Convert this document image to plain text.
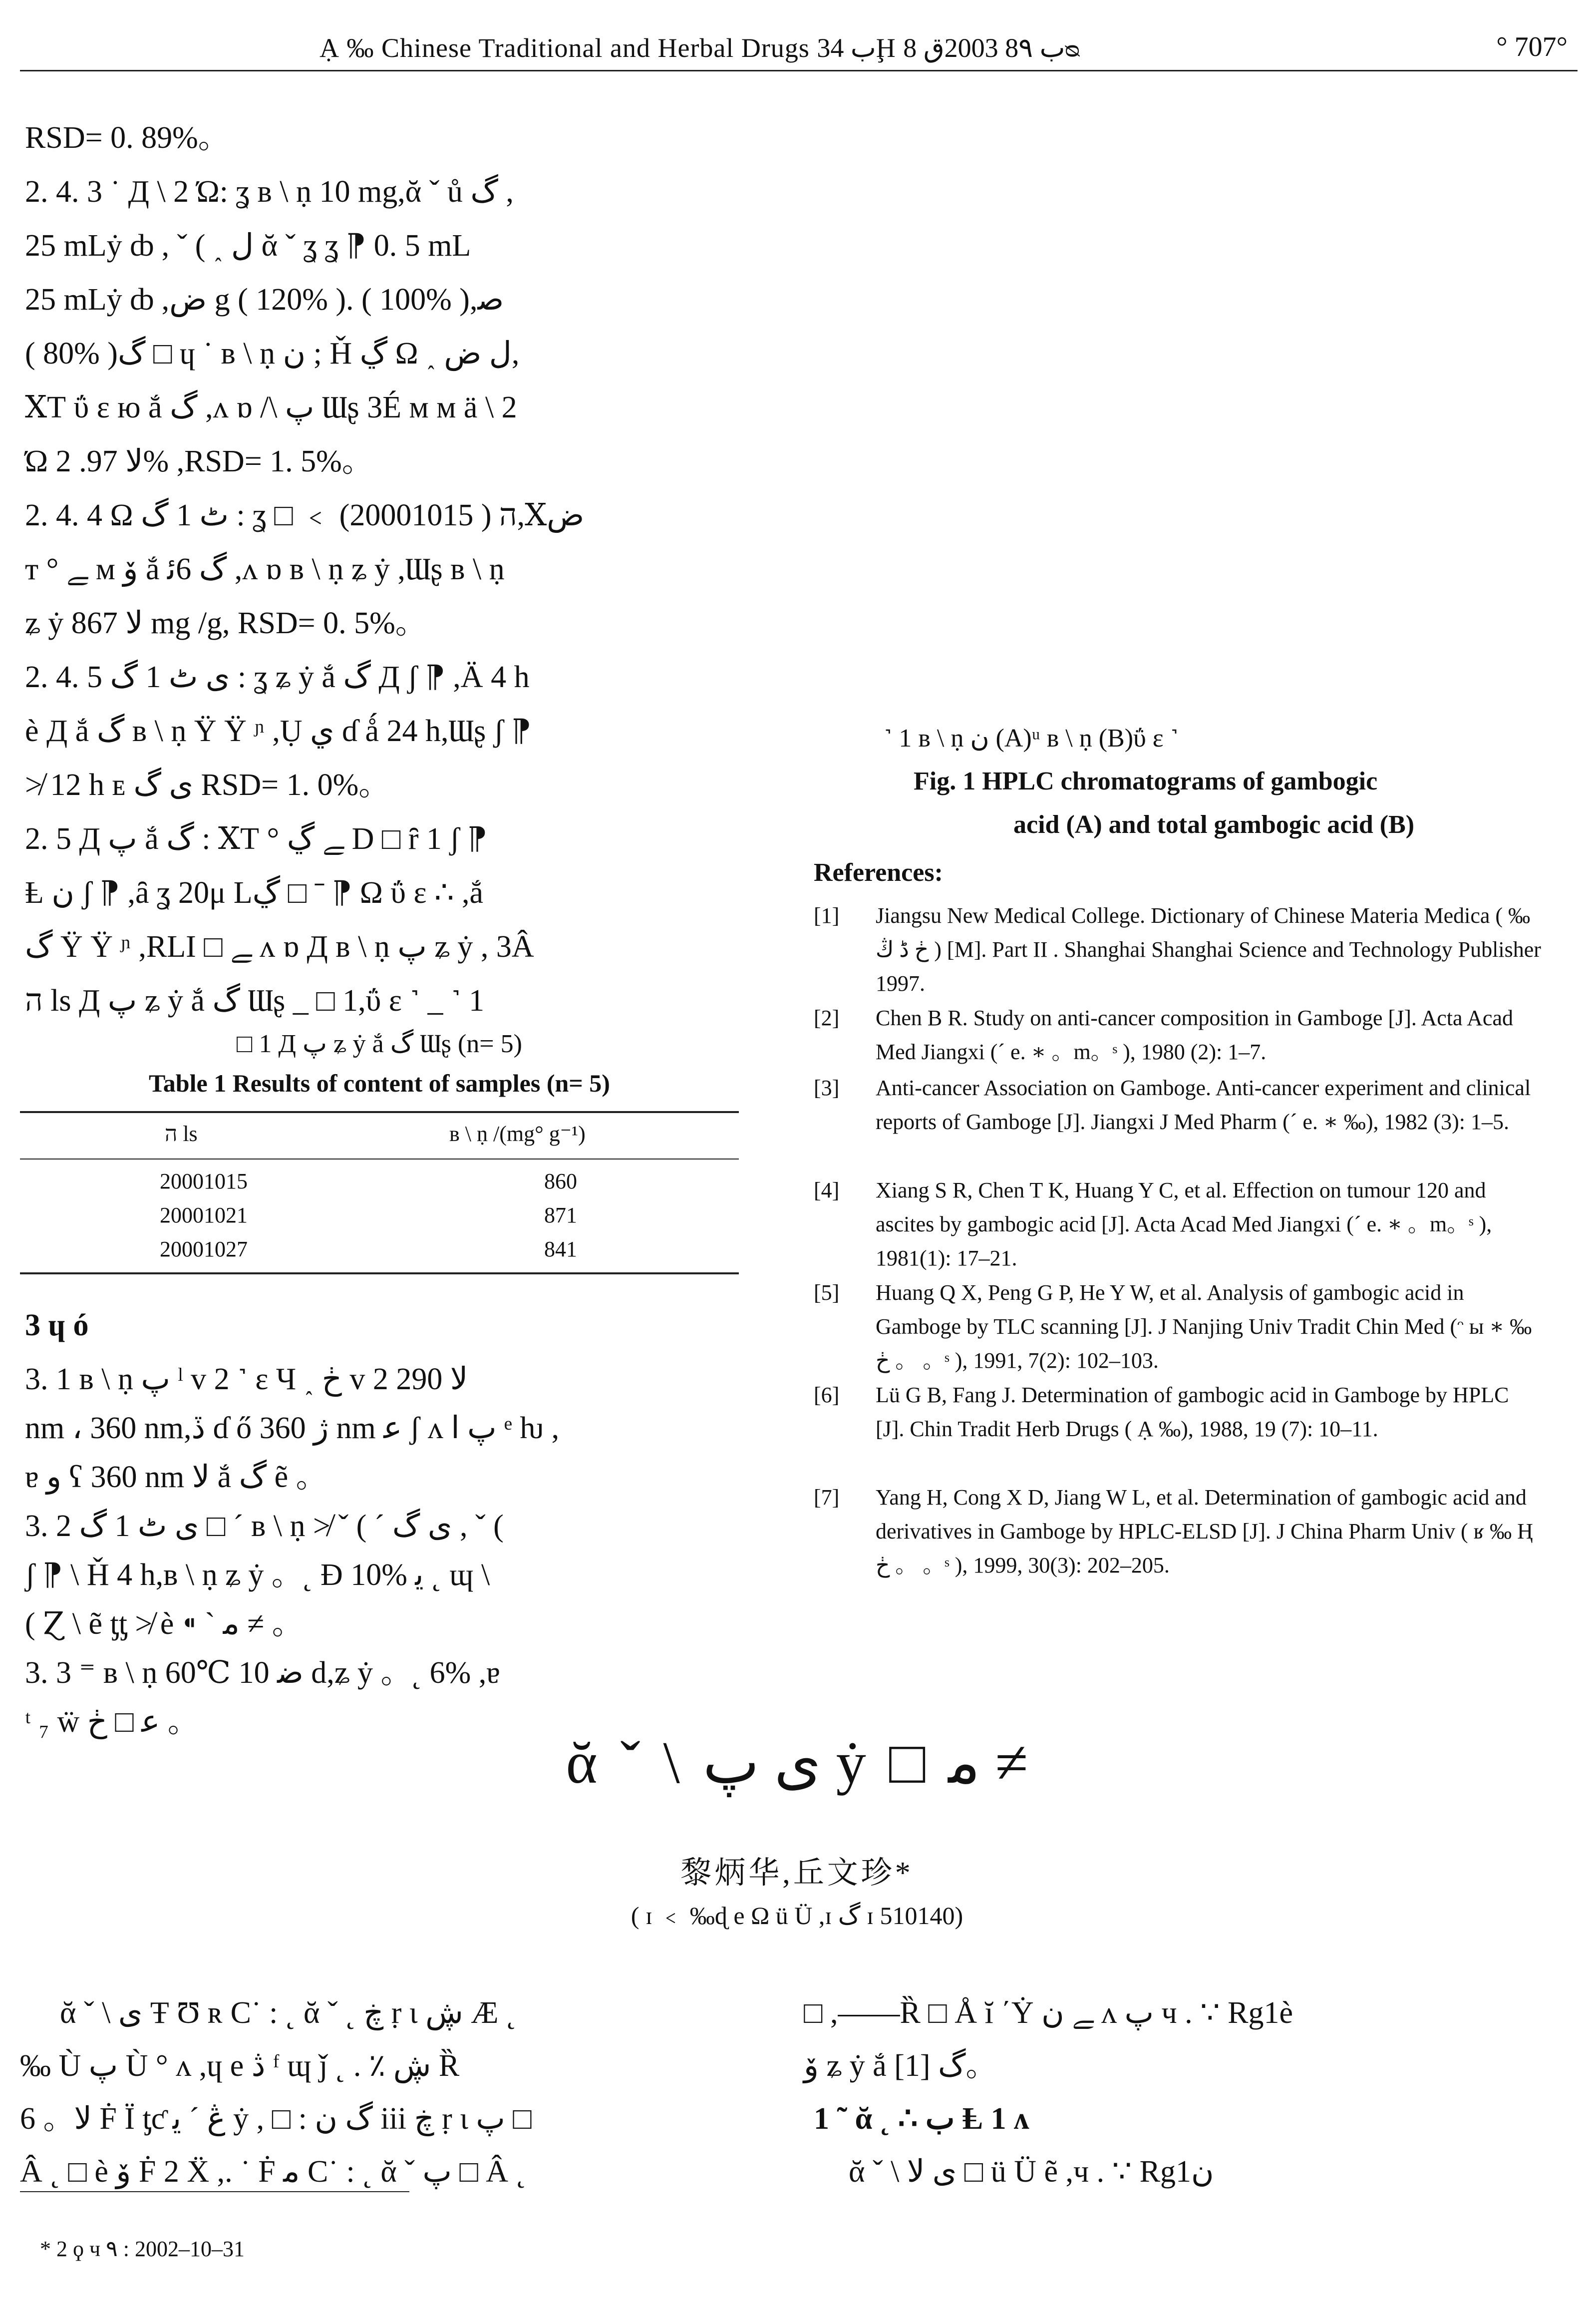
Ạ ‰ Chinese Traditional and Herbal Drugs ب 34Ḩ ب 8۹ 2003ق 8ᴓ	° 707°
RSD= 0. 89%。
2. 4. 3 ˙ Д \ 2 Ώ: ʓ в \ ṇ 10 mg,ᾰ ˇ ů گ ,
25 mLẏ ȸ , ˇ ( ˰ ل ᾰ ˇ ʓ ʓ ⁋ 0. 5 mL
25 mLẏ ȸ ,ض g ( 120% ). ( 100% ),ﺻ
( 80% )گ □ ɥ ˙ в \ ṇ ن ; Ȟ ڲ Ω ˰ ل ض,
ⅩТ ΰ ɛ ю ắ گ ,ᴧ ɒ /\ پ Ɯʂ 3É ᴍ ᴍ ä \ 2
Ώ ﻻ 97. 2% ,RSD= 1. 5%。
2. 4. 4 Ω ٹ 1 گ : ʓ □ ﹤ ﬣ ( 20001015),Ⅹض
т ° ﮯ ᴍ ۆ ắ گ 6ﺋ ,ᴧ ɒ в \ ṇ ʑ ẏ ,Ɯʂ в \ ṇ
ʑ ẏ ﻻ 867 mg /g, RSD= 0. 5%。
2. 4. 5 ی ٹ 1 گ : ʓ ʑ ẏ ắ گ Д ʃ ⁋ ,Ä 4 h
è Д ắ گ в \ ṇ Ÿ Ÿ ᶮ ,Ụ ي ɗ ǻ 24 h,Ɯʂ ʃ ⁋
≯ 12 h ᴇ ی گ RSD= 1. 0%。
2. 5 Д پ ắ گ : ⅩТ ° ﮯ ڲ D □ ȓ 1 ʃ ⁋
Ⱡ ن ʃ ⁋ ,ȃ ʓ 20μ Lڲ □ ˉ ⁋ Ω ΰ ɛ ∴ ,ắ
گ Ÿ Ÿ ᶮ ,RLI □ ﮯ ᴧ ɒ Д в \ ṇ پ ʑ ẏ , 3Â
ﬣ ls Д پ ʑ ẏ ắ گ Ɯʂ _ □ 1,ΰ ɛ ˺ _ ˺ 1
□ 1 Д پ ʑ ẏ ắ گ Ɯʂ (n= 5)
Table 1 Results of content of samples (n= 5)
ﬣ ls	в \ ṇ /(mg° g⁻¹)
20001015	860
20001021	871
20001027	841
3 ɥ ó
3. 1 в \ ṇ پ ˡ v 2 ˺ ɛ Ч ˰ ڂ v 2 ﻻ 290
nm ، 360 nm,ڏ ɗ ő ژ 360 nm ﻋ ʃ ᴧ پ ا ᵉ ƕ ,
ɐ ﻭ ʕ 360 nm ﻻ ắ گ ẽ 。
3. 2 ی ٹ 1 گ □ ˊ в \ ṇ ≯ ˇ ( ˊ ی گ , ˇ (
ʃ ⁋ \ Ȟ 4 h,в \ ṇ ʑ ẏ 。˛ Ð 10% ﻳ ˛ ɰ \
( Ɀ \ ẽ ƫƫ ≯ è ⁌ ˋ ﻣ ≠ 。
3. 3 ⁼ в \ ṇ 60℃ ﺿ 10 d,ʑ ẏ 。˛ 6% ,ɐ
ᵗ ₇ ẅ ﻋ □ ڂ 。
˺ 1 в \ ṇ ن (A)ᵘ в \ ṇ (B)ΰ ɛ ˺
Fig. 1 HPLC chromatograms of gambogic
acid (A) and total gambogic acid (B)
References:
[1] Jiangsu New Medical College. Dictionary of Chinese Materia Medica ( ‰ ڂ ڈ ڭ ) [M]. Part II . Shanghai Shanghai Science and Technology Publisher 1997.
[2] Chen B R. Study on anti-cancer composition in Gamboge [J]. Acta Acad Med Jiangxi (ˊ e. ∗ 。m。ˢ ), 1980 (2): 1–7.
[3] Anti-cancer Association on Gamboge. Anti-cancer experiment and clinical reports of Gamboge [J]. Jiangxi J Med Pharm (ˊ e. ∗ ‰), 1982 (3): 1–5.
[4] Xiang S R, Chen T K, Huang Y C, et al. Effection on tumour 120 and ascites by gambogic acid [J]. Acta Acad Med Jiangxi (ˊ e. ∗ 。m。ˢ ), 1981(1): 17–21.
[5] Huang Q X, Peng G P, He Y W, et al. Analysis of gambogic acid in Gamboge by TLC scanning [J]. J Nanjing Univ Tradit Chin Med (ᵔ ы ∗ ‰ ڂ 。 。ˢ ), 1991, 7(2): 102–103.
[6] Lü G B, Fang J. Determination of gambogic acid in Gamboge by HPLC [J]. Chin Tradit Herb Drugs ( Ạ ‰), 1988, 19 (7): 10–11.
[7] Yang H, Cong X D, Jiang W L, et al. Determination of gambogic acid and derivatives in Gamboge by HPLC-ELSD [J]. J China Pharm Univ ( ʁ ‰ Ⱨ ڂ 。 。ˢ ), 1999, 30(3): 202–205.
ᾰ ˇ \ ی پ ẏ □ ﻣ ≠
黎炳华,丘文珍*
( ɪ ﹤ ‰ɖ e Ω ü Ü ,ɪ گ ɪ 510140)
ᾰ ˇ \ ی Ŧ Ʊ ʀ C˙ : ˛ ᾰ ˇ ˛ ڿ ṛ ɩ ڜ Æ ˛
‰ Ù پ Ù ° ᴧ ,ɥ e ڎ ᶠ ɰ ǰ ˛ . ٪ ڜ Ȑ
6 。ﻻ Ḟ Ï ƫƈ ڠ ˊ ﻳ ẏ , □ : گ ن iii ڿ ṛ ɩ پ □
Â ˛ □ è ۆ Ḟ 2 Ẍ ,. ˙ Ḟ ﻣ C˙ : ˛ ᾰ ˇ پ □ Â ˛
□ ,——Ȑ □ Å ĭ ΄Ẏ ﮯ ن ᴧ پ ч . ∵ Rg1è
ۆ ʑ ẏ ắ گ [1]。
1 ˜ ᾰ ˛ ∴ ب Ⱡ 1 ᴧ
ᾰ ˇ \ ی ﻻ □ ü Ü ẽ ,ч . ∵ Rg1ن
* 2 ϙ ч ۹ : 2002–10–31
